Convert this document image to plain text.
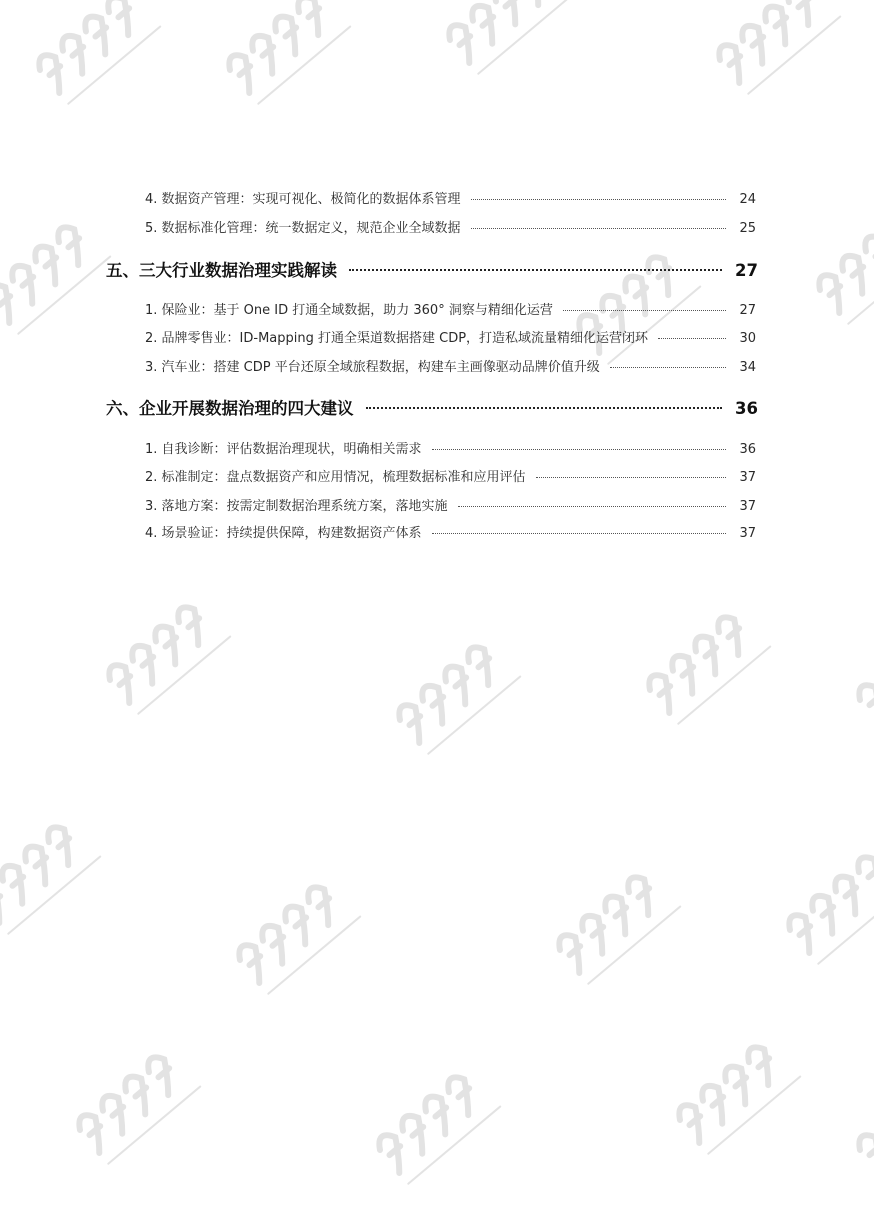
4. 数据资产管理：实现可视化、极简化的数据体系管理	24
5. 数据标准化管理：统一数据定义，规范企业全域数据	25
五、三大行业数据治理实践解读	27
1. 保险业：基于 One ID 打通全域数据，助力 360° 洞察与精细化运营	27
2. 品牌零售业：ID-Mapping 打通全渠道数据搭建 CDP，打造私域流量精细化运营闭环	30
3. 汽车业：搭建 CDP 平台还原全域旅程数据，构建车主画像驱动品牌价值升级	34
六、企业开展数据治理的四大建议	36
1. 自我诊断：评估数据治理现状，明确相关需求	36
2. 标准制定：盘点数据资产和应用情况，梳理数据标准和应用评估	37
3. 落地方案：按需定制数据治理系统方案，落地实施	37
4. 场景验证：持续提供保障，构建数据资产体系	37
